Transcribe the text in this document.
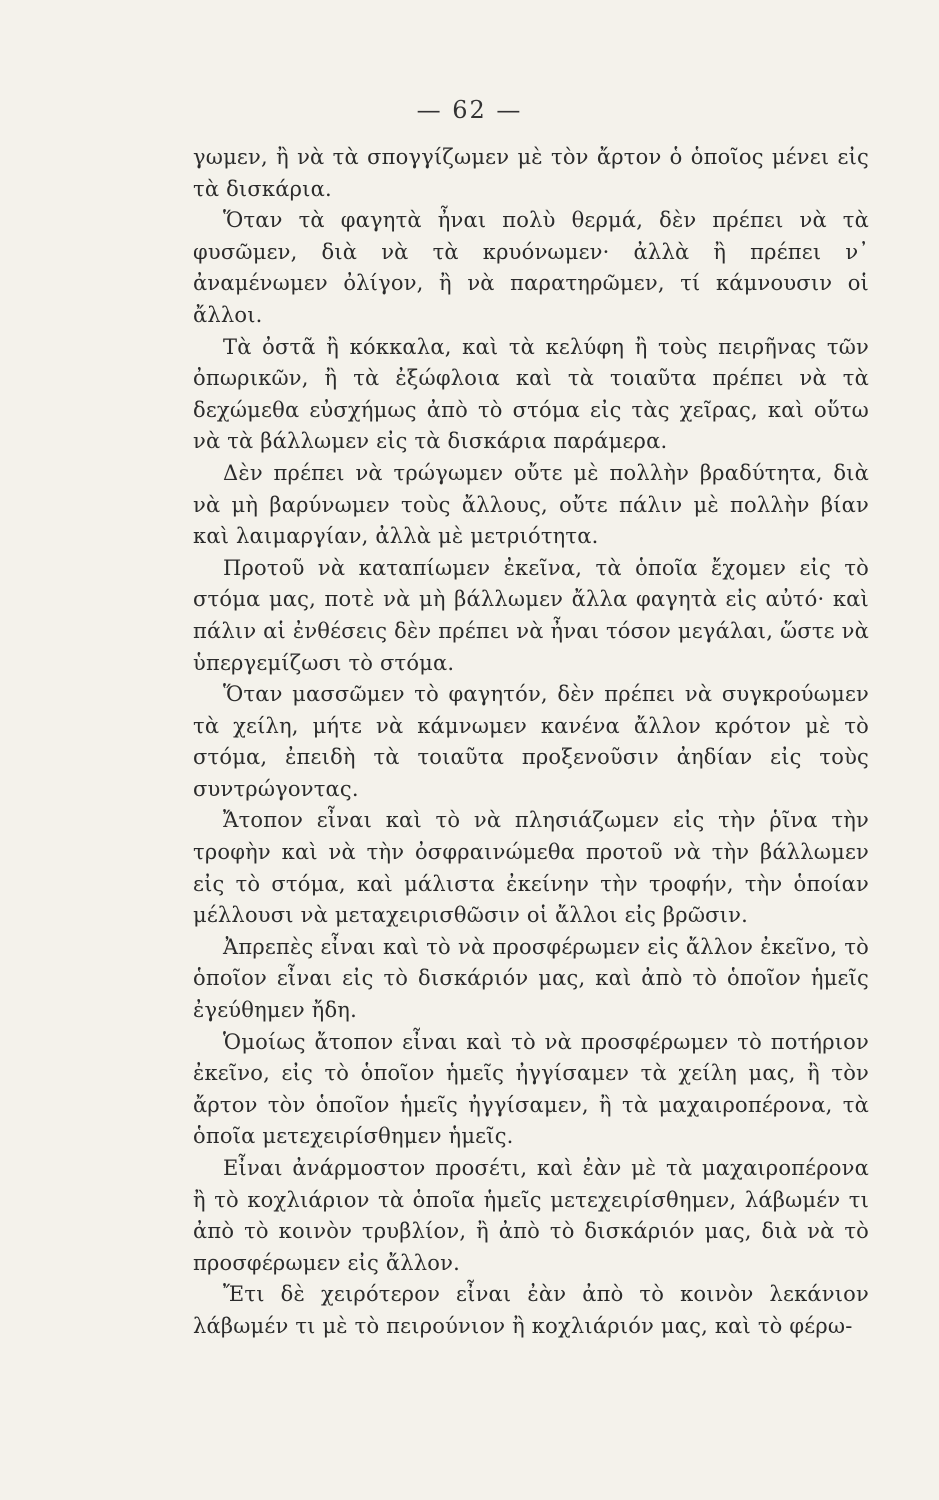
— 62 —

γωμεν, ἢ νὰ τὰ σπογγίζωμεν μὲ τὸν ἄρτον ὁ ὁποῖος μένει εἰς τὰ δισκάρια.

Ὅταν τὰ φαγητὰ ἦναι πολὺ θερμά, δὲν πρέπει νὰ τὰ φυσῶμεν, διὰ νὰ τὰ κρυόνωμεν· ἀλλὰ ἢ πρέπει ν᾽ ἀναμένωμεν ὀλίγον, ἢ νὰ παρατηρῶμεν, τί κάμνουσιν οἱ ἄλλοι.

Τὰ ὀστᾶ ἢ κόκκαλα, καὶ τὰ κελύφη ἢ τοὺς πειρῆνας τῶν ὀπωρικῶν, ἢ τὰ ἐξώφλοια καὶ τὰ τοιαῦτα πρέπει νὰ τὰ δεχώμεθα εὐσχήμως ἀπὸ τὸ στόμα εἰς τὰς χεῖρας, καὶ οὕτω νὰ τὰ βάλλωμεν εἰς τὰ δισκάρια παράμερα.

Δὲν πρέπει νὰ τρώγωμεν οὔτε μὲ πολλὴν βραδύτητα, διὰ νὰ μὴ βαρύνωμεν τοὺς ἄλλους, οὔτε πάλιν μὲ πολλὴν βίαν καὶ λαιμαργίαν, ἀλλὰ μὲ μετριότητα.

Προτοῦ νὰ καταπίωμεν ἐκεῖνα, τὰ ὁποῖα ἔχομεν εἰς τὸ στόμα μας, ποτὲ νὰ μὴ βάλλωμεν ἄλλα φαγητὰ εἰς αὐτό· καὶ πάλιν αἱ ἐνθέσεις δὲν πρέπει νὰ ἦναι τόσον μεγάλαι, ὥστε νὰ ὑπεργεμίζωσι τὸ στόμα.

Ὅταν μασσῶμεν τὸ φαγητόν, δὲν πρέπει νὰ συγκρούωμεν τὰ χείλη, μήτε νὰ κάμνωμεν κανένα ἄλλον κρότον μὲ τὸ στόμα, ἐπειδὴ τὰ τοιαῦτα προξενοῦσιν ἀηδίαν εἰς τοὺς συντρώγοντας.

Ἄτοπον εἶναι καὶ τὸ νὰ πλησιάζωμεν εἰς τὴν ῥῖνα τὴν τροφὴν καὶ νὰ τὴν ὀσφραινώμεθα προτοῦ νὰ τὴν βάλλωμεν εἰς τὸ στόμα, καὶ μάλιστα ἐκείνην τὴν τροφήν, τὴν ὁποίαν μέλλουσι νὰ μεταχειρισθῶσιν οἱ ἄλλοι εἰς βρῶσιν.

Ἀπρεπὲς εἶναι καὶ τὸ νὰ προσφέρωμεν εἰς ἄλλον ἐκεῖνο, τὸ ὁποῖον εἶναι εἰς τὸ δισκάριόν μας, καὶ ἀπὸ τὸ ὁποῖον ἡμεῖς ἐγεύθημεν ἤδη.

Ὁμοίως ἄτοπον εἶναι καὶ τὸ νὰ προσφέρωμεν τὸ ποτήριον ἐκεῖνο, εἰς τὸ ὁποῖον ἡμεῖς ἠγγίσαμεν τὰ χείλη μας, ἢ τὸν ἄρτον τὸν ὁποῖον ἡμεῖς ἠγγίσαμεν, ἢ τὰ μαχαιροπέρονα, τὰ ὁποῖα μετεχειρίσθημεν ἡμεῖς.

Εἶναι ἀνάρμοστον προσέτι, καὶ ἐὰν μὲ τὰ μαχαιροπέρονα ἢ τὸ κοχλιάριον τὰ ὁποῖα ἡμεῖς μετεχειρίσθημεν, λάβωμέν τι ἀπὸ τὸ κοινὸν τρυβλίον, ἢ ἀπὸ τὸ δισκάριόν μας, διὰ νὰ τὸ προσφέρωμεν εἰς ἄλλον.

Ἔτι δὲ χειρότερον εἶναι ἐὰν ἀπὸ τὸ κοινὸν λεκάνιον λάβωμέν τι μὲ τὸ πειρούνιον ἢ κοχλιάριόν μας, καὶ τὸ φέρω-
